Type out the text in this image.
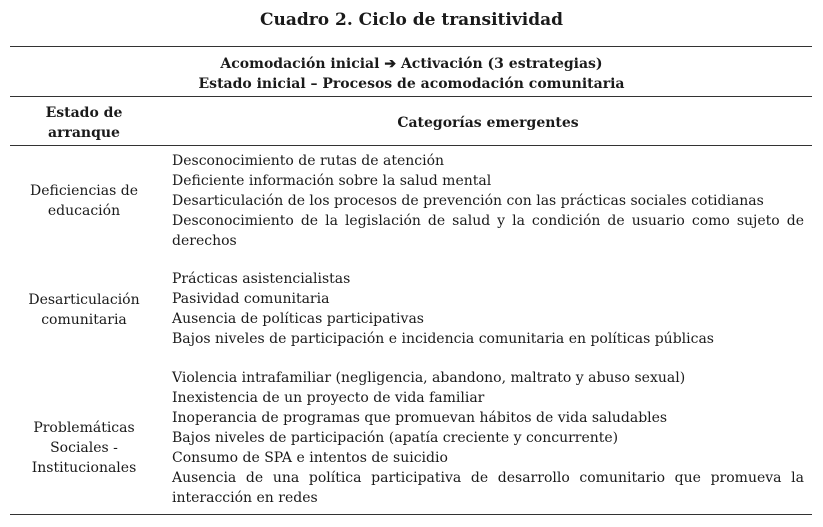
Cuadro 2. Ciclo de transitividad
Acomodación inicial ➔ Activación (3 estrategias)
Estado inicial – Procesos de acomodación comunitaria
Estado de
arranque
Categorías emergentes
Deficiencias de
educación
Desconocimiento de rutas de atención
Deficiente información sobre la salud mental
Desarticulación de los procesos de prevención con las prácticas sociales cotidianas
Desconocimiento de la legislación de salud y la condición de usuario como sujeto de derechos
Desarticulación
comunitaria
Prácticas asistencialistas
Pasividad comunitaria
Ausencia de políticas participativas
Bajos niveles de participación e incidencia comunitaria en políticas públicas
Problemáticas
Sociales -
Institucionales
Violencia intrafamiliar (negligencia, abandono, maltrato y abuso sexual)
Inexistencia de un proyecto de vida familiar
Inoperancia de programas que promuevan hábitos de vida saludables
Bajos niveles de participación (apatía creciente y concurrente)
Consumo de SPA e intentos de suicidio
Ausencia de una política participativa de desarrollo comunitario que promueva la interacción en redes
